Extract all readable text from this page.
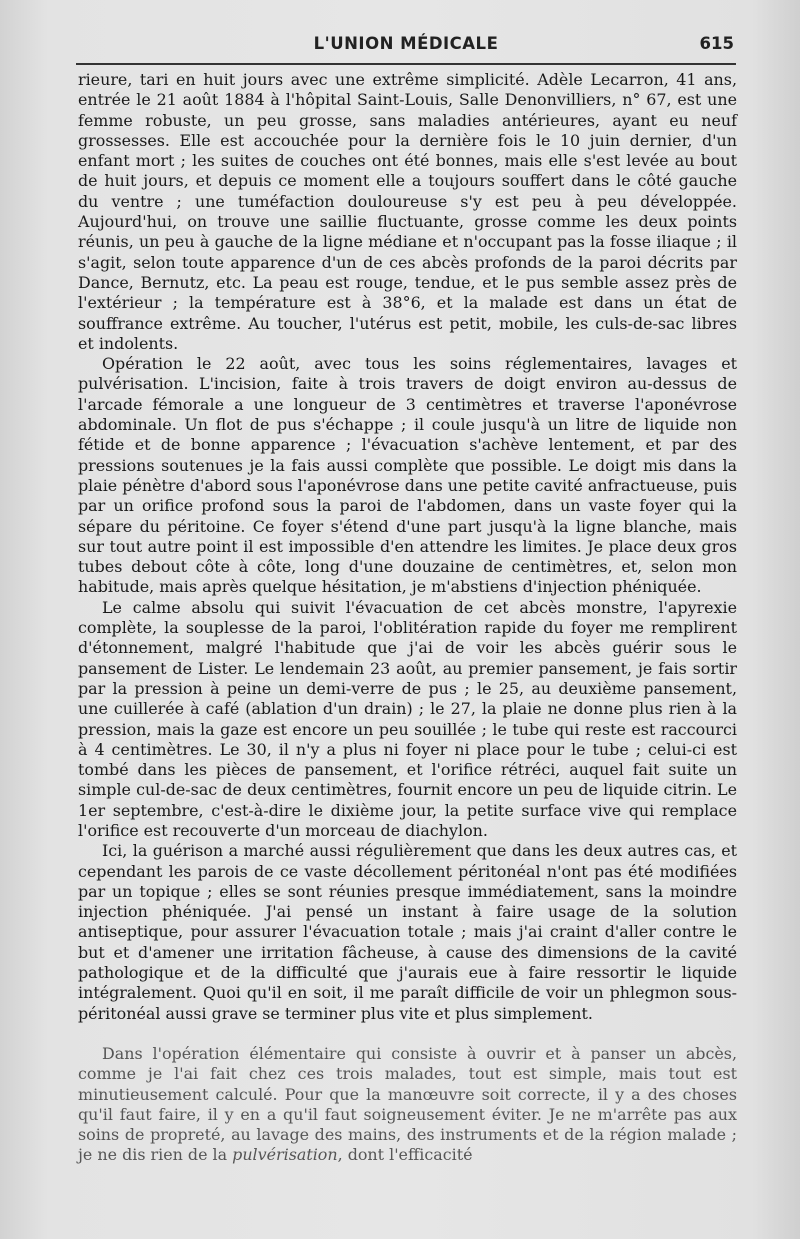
L'UNION MÉDICALE	615

rieure, tari en huit jours avec une extrême simplicité. Adèle Lecarron, 41 ans, entrée le 21 août 1884 à l'hôpital Saint-Louis, Salle Denonvilliers, n° 67, est une femme robuste, un peu grosse, sans maladies antérieures, ayant eu neuf grossesses. Elle est accouchée pour la dernière fois le 10 juin dernier, d'un enfant mort ; les suites de couches ont été bonnes, mais elle s'est levée au bout de huit jours, et depuis ce moment elle a toujours souffert dans le côté gauche du ventre ; une tuméfaction douloureuse s'y est peu à peu développée. Aujourd'hui, on trouve une saillie fluctuante, grosse comme les deux points réunis, un peu à gauche de la ligne médiane et n'occupant pas la fosse iliaque ; il s'agit, selon toute apparence d'un de ces abcès profonds de la paroi décrits par Dance, Bernutz, etc. La peau est rouge, tendue, et le pus semble assez près de l'extérieur ; la température est à 38°6, et la malade est dans un état de souffrance extrême. Au toucher, l'utérus est petit, mobile, les culs-de-sac libres et indolents.

Opération le 22 août, avec tous les soins réglementaires, lavages et pulvérisation. L'incision, faite à trois travers de doigt environ au-dessus de l'arcade fémorale a une longueur de 3 centimètres et traverse l'aponévrose abdominale. Un flot de pus s'échappe ; il coule jusqu'à un litre de liquide non fétide et de bonne apparence ; l'évacuation s'achève lentement, et par des pressions soutenues je la fais aussi complète que possible. Le doigt mis dans la plaie pénètre d'abord sous l'aponévrose dans une petite cavité anfractueuse, puis par un orifice profond sous la paroi de l'abdomen, dans un vaste foyer qui la sépare du péritoine. Ce foyer s'étend d'une part jusqu'à la ligne blanche, mais sur tout autre point il est impossible d'en attendre les limites. Je place deux gros tubes debout côte à côte, long d'une douzaine de centimètres, et, selon mon habitude, mais après quelque hésitation, je m'abstiens d'injection phéniquée.

Le calme absolu qui suivit l'évacuation de cet abcès monstre, l'apyrexie complète, la souplesse de la paroi, l'oblitération rapide du foyer me remplirent d'étonnement, malgré l'habitude que j'ai de voir les abcès guérir sous le pansement de Lister. Le lendemain 23 août, au premier pansement, je fais sortir par la pression à peine un demi-verre de pus ; le 25, au deuxième pansement, une cuillerée à café (ablation d'un drain) ; le 27, la plaie ne donne plus rien à la pression, mais la gaze est encore un peu souillée ; le tube qui reste est raccourci à 4 centimètres. Le 30, il n'y a plus ni foyer ni place pour le tube ; celui-ci est tombé dans les pièces de pansement, et l'orifice rétréci, auquel fait suite un simple cul-de-sac de deux centimètres, fournit encore un peu de liquide citrin. Le 1er septembre, c'est-à-dire le dixième jour, la petite surface vive qui remplace l'orifice est recouverte d'un morceau de diachylon.

Ici, la guérison a marché aussi régulièrement que dans les deux autres cas, et cependant les parois de ce vaste décollement péritonéal n'ont pas été modifiées par un topique ; elles se sont réunies presque immédiatement, sans la moindre injection phéniquée. J'ai pensé un instant à faire usage de la solution antiseptique, pour assurer l'évacuation totale ; mais j'ai craint d'aller contre le but et d'amener une irritation fâcheuse, à cause des dimensions de la cavité pathologique et de la difficulté que j'aurais eue à faire ressortir le liquide intégralement. Quoi qu'il en soit, il me paraît difficile de voir un phlegmon sous-péritonéal aussi grave se terminer plus vite et plus simplement.

Dans l'opération élémentaire qui consiste à ouvrir et à panser un abcès, comme je l'ai fait chez ces trois malades, tout est simple, mais tout est minutieusement calculé. Pour que la manœuvre soit correcte, il y a des choses qu'il faut faire, il y en a qu'il faut soigneusement éviter. Je ne m'arrête pas aux soins de propreté, au lavage des mains, des instruments et de la région malade ; je ne dis rien de la pulvérisation, dont l'efficacité
